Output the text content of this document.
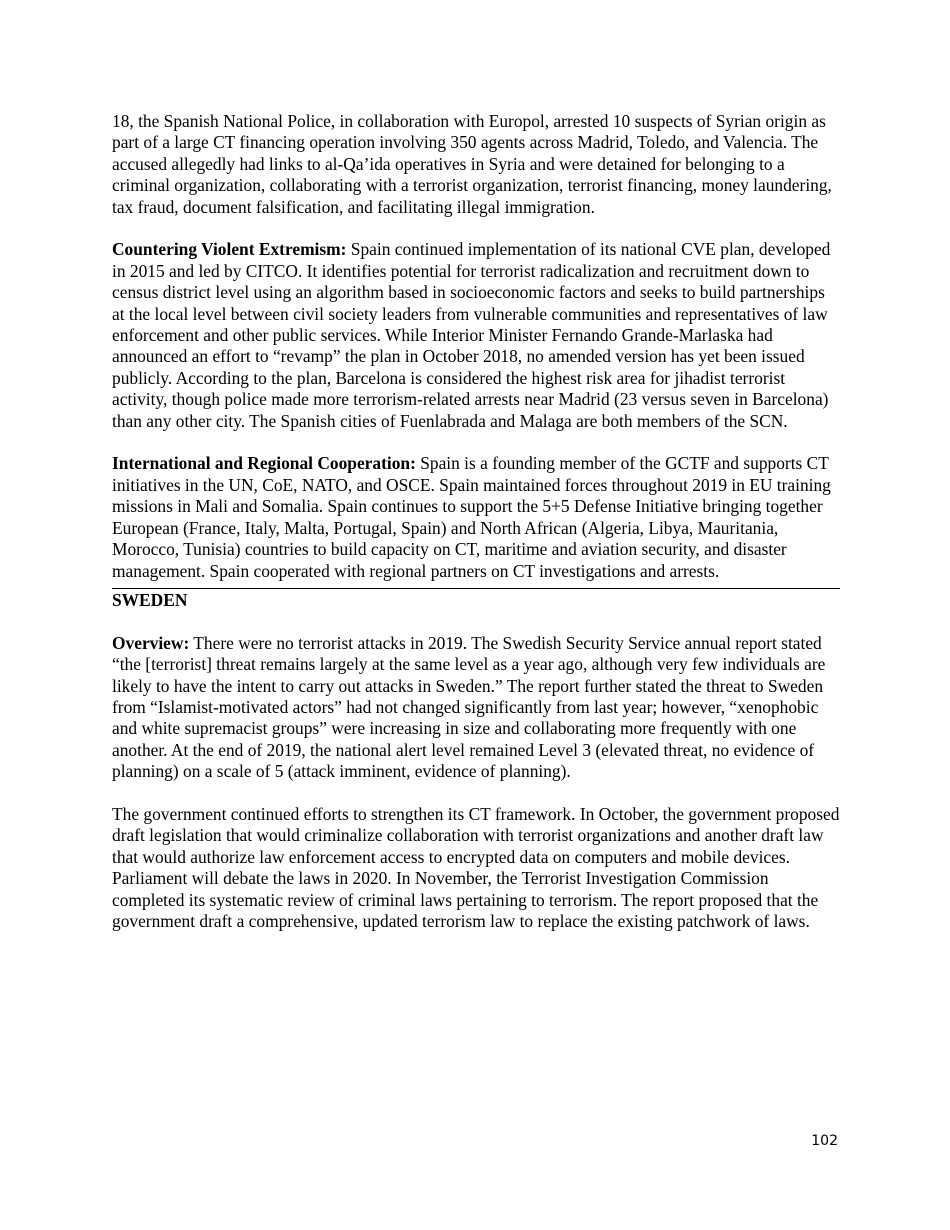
18, the Spanish National Police, in collaboration with Europol, arrested 10 suspects of Syrian origin as part of a large CT financing operation involving 350 agents across Madrid, Toledo, and Valencia. The accused allegedly had links to al-Qa’ida operatives in Syria and were detained for belonging to a criminal organization, collaborating with a terrorist organization, terrorist financing, money laundering, tax fraud, document falsification, and facilitating illegal immigration.

Countering Violent Extremism: Spain continued implementation of its national CVE plan, developed in 2015 and led by CITCO. It identifies potential for terrorist radicalization and recruitment down to census district level using an algorithm based in socioeconomic factors and seeks to build partnerships at the local level between civil society leaders from vulnerable communities and representatives of law enforcement and other public services. While Interior Minister Fernando Grande-Marlaska had announced an effort to “revamp” the plan in October 2018, no amended version has yet been issued publicly. According to the plan, Barcelona is considered the highest risk area for jihadist terrorist activity, though police made more terrorism-related arrests near Madrid (23 versus seven in Barcelona) than any other city. The Spanish cities of Fuenlabrada and Malaga are both members of the SCN.

International and Regional Cooperation: Spain is a founding member of the GCTF and supports CT initiatives in the UN, CoE, NATO, and OSCE. Spain maintained forces throughout 2019 in EU training missions in Mali and Somalia. Spain continues to support the 5+5 Defense Initiative bringing together European (France, Italy, Malta, Portugal, Spain) and North African (Algeria, Libya, Mauritania, Morocco, Tunisia) countries to build capacity on CT, maritime and aviation security, and disaster management. Spain cooperated with regional partners on CT investigations and arrests.

SWEDEN

Overview: There were no terrorist attacks in 2019. The Swedish Security Service annual report stated “the [terrorist] threat remains largely at the same level as a year ago, although very few individuals are likely to have the intent to carry out attacks in Sweden.” The report further stated the threat to Sweden from “Islamist-motivated actors” had not changed significantly from last year; however, “xenophobic and white supremacist groups” were increasing in size and collaborating more frequently with one another. At the end of 2019, the national alert level remained Level 3 (elevated threat, no evidence of planning) on a scale of 5 (attack imminent, evidence of planning).

The government continued efforts to strengthen its CT framework. In October, the government proposed draft legislation that would criminalize collaboration with terrorist organizations and another draft law that would authorize law enforcement access to encrypted data on computers and mobile devices. Parliament will debate the laws in 2020. In November, the Terrorist Investigation Commission completed its systematic review of criminal laws pertaining to terrorism. The report proposed that the government draft a comprehensive, updated terrorism law to replace the existing patchwork of laws.

102
